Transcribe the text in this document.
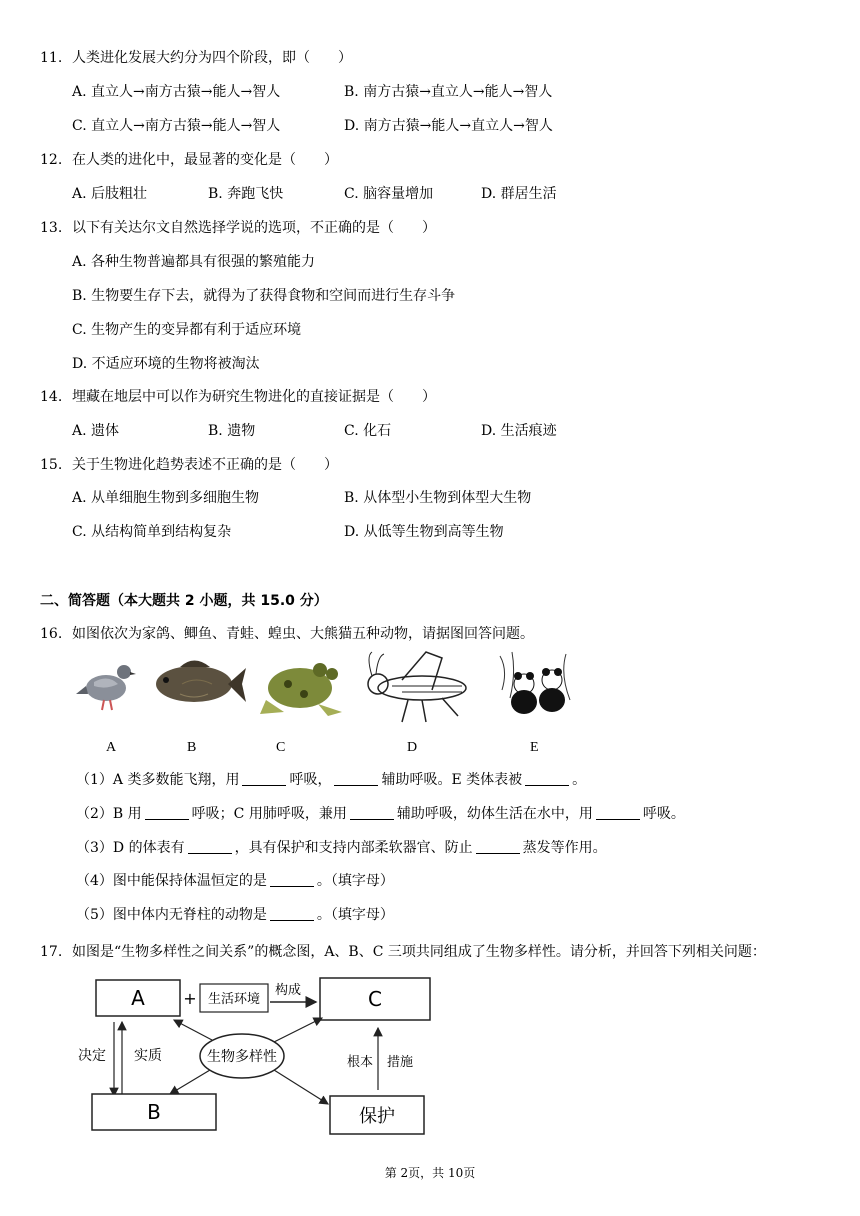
11. 人类进化发展大约分为四个阶段，即（　　）
A. 直立人→南方古猿→能人→智人	B. 南方古猿→直立人→能人→智人
C. 直立人→南方古猿→能人→智人	D. 南方古猿→能人→直立人→智人
12. 在人类的进化中，最显著的变化是（　　）
A. 后肢粗壮	B. 奔跑飞快	C. 脑容量增加	D. 群居生活
13. 以下有关达尔文自然选择学说的选项，不正确的是（　　）
A. 各种生物普遍都具有很强的繁殖能力
B. 生物要生存下去，就得为了获得食物和空间而进行生存斗争
C. 生物产生的变异都有利于适应环境
D. 不适应环境的生物将被淘汰
14. 埋藏在地层中可以作为研究生物进化的直接证据是（　　）
A. 遗体	B. 遗物	C. 化石	D. 生活痕迹
15. 关于生物进化趋势表述不正确的是（　　）
A. 从单细胞生物到多细胞生物	B. 从体型小生物到体型大生物
C. 从结构简单到结构复杂	D. 从低等生物到高等生物
二、简答题（本大题共 2 小题，共 15.0 分）
16. 如图依次为家鸽、鲫鱼、青蛙、蝗虫、大熊猫五种动物，请据图回答问题。
A	B	C	D	E
（1）A 类多数能飞翔，用	呼吸，	辅助呼吸。E 类体表被	。
（2）B 用	呼吸；C 用肺呼吸，兼用	辅助呼吸，幼体生活在水中，用	呼吸。
（3）D 的体表有	，具有保护和支持内部柔软器官、防止	蒸发等作用。
（4）图中能保持体温恒定的是	。（填字母）
（5）图中体内无脊柱的动物是	。（填字母）
17. 如图是“生物多样性之间关系”的概念图，A、B、C 三项共同组成了生物多样性。请分析，并回答下列相关问题：
A + 生活环境
构成	C
生物多样性
决定 实质
B	保护
根本 措施
第 2页，共 10页
